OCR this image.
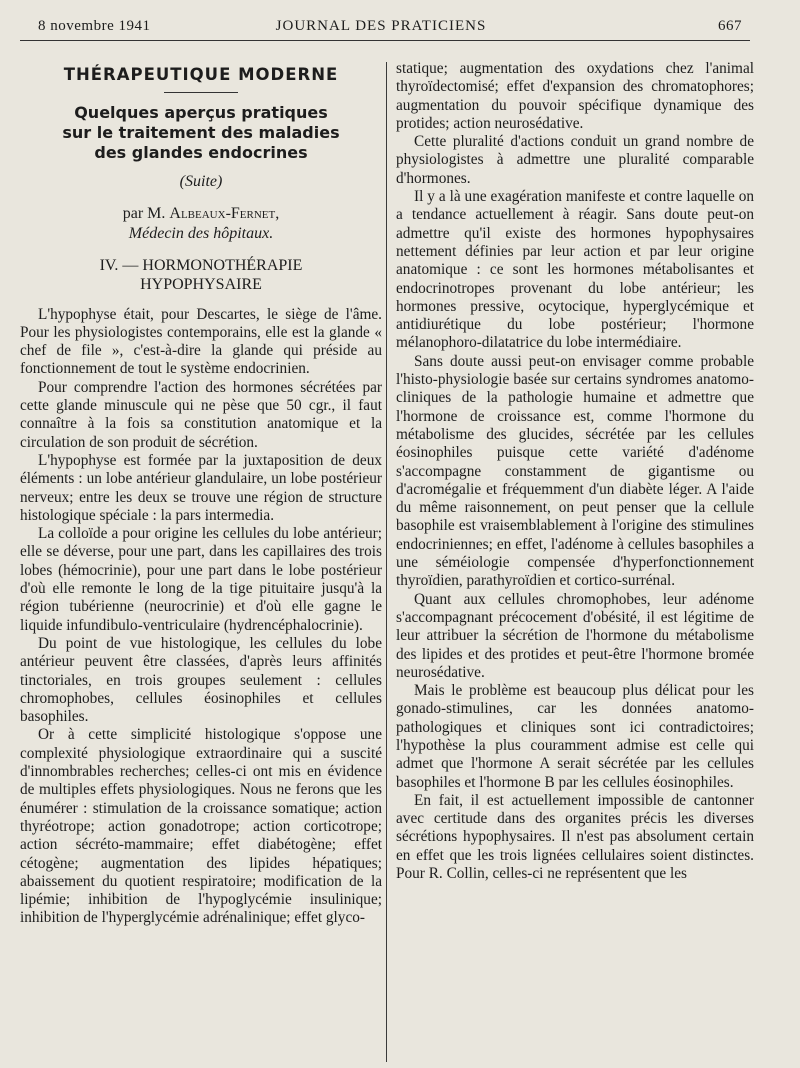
8 novembre 1941	JOURNAL DES PRATICIENS	667
THÉRAPEUTIQUE MODERNE
Quelques aperçus pratiques
sur le traitement des maladies
des glandes endocrines
(Suite)
par M. Albeaux-Fernet,
Médecin des hôpitaux.
IV. — HORMONOTHÉRAPIE
HYPOPHYSAIRE

L'hypophyse était, pour Descartes, le siège de l'âme. Pour les physiologistes contemporains, elle est la glande « chef de file », c'est-à-dire la glande qui préside au fonctionnement de tout le système endocrinien.

Pour comprendre l'action des hormones sécrétées par cette glande minuscule qui ne pèse que 50 cgr., il faut connaître à la fois sa constitution anatomique et la circulation de son produit de sécrétion.

L'hypophyse est formée par la juxtaposition de deux éléments : un lobe antérieur glandulaire, un lobe postérieur nerveux; entre les deux se trouve une région de structure histologique spéciale : la pars intermedia.

La colloïde a pour origine les cellules du lobe antérieur; elle se déverse, pour une part, dans les capillaires des trois lobes (hémocrinie), pour une part dans le lobe postérieur d'où elle remonte le long de la tige pituitaire jusqu'à la région tubérienne (neurocrinie) et d'où elle gagne le liquide infundibulo-ventriculaire (hydrencéphalocrinie).

Du point de vue histologique, les cellules du lobe antérieur peuvent être classées, d'après leurs affinités tinctoriales, en trois groupes seulement : cellules chromophobes, cellules éosinophiles et cellules basophiles.

Or à cette simplicité histologique s'oppose une complexité physiologique extraordinaire qui a suscité d'innombrables recherches; celles-ci ont mis en évidence de multiples effets physiologiques. Nous ne ferons que les énumérer : stimulation de la croissance somatique; action thyréotrope; action gonadotrope; action corticotrope; action sécréto-mammaire; effet diabétogène; effet cétogène; augmentation des lipides hépatiques; abaissement du quotient respiratoire; modification de la lipémie; inhibition de l'hypoglycémie insulinique; inhibition de l'hyperglycémie adrénalinique; effet glyco-

statique; augmentation des oxydations chez l'animal thyroïdectomisé; effet d'expansion des chromatophores; augmentation du pouvoir spécifique dynamique des protides; action neurosédative.

Cette pluralité d'actions conduit un grand nombre de physiologistes à admettre une pluralité comparable d'hormones.

Il y a là une exagération manifeste et contre laquelle on a tendance actuellement à réagir. Sans doute peut-on admettre qu'il existe des hormones hypophysaires nettement définies par leur action et par leur origine anatomique : ce sont les hormones métabolisantes et endocrinotropes provenant du lobe antérieur; les hormones pressive, ocytocique, hyperglycémique et antidiurétique du lobe postérieur; l'hormone mélanophoro-dilatatrice du lobe intermédiaire.

Sans doute aussi peut-on envisager comme probable l'histo-physiologie basée sur certains syndromes anatomo-cliniques de la pathologie humaine et admettre que l'hormone de croissance est, comme l'hormone du métabolisme des glucides, sécrétée par les cellules éosinophiles puisque cette variété d'adénome s'accompagne constamment de gigantisme ou d'acromégalie et fréquemment d'un diabète léger. A l'aide du même raisonnement, on peut penser que la cellule basophile est vraisemblablement à l'origine des stimulines endocriniennes; en effet, l'adénome à cellules basophiles a une séméiologie compensée d'hyperfonctionnement thyroïdien, parathyroïdien et cortico-surrénal.

Quant aux cellules chromophobes, leur adénome s'accompagnant précocement d'obésité, il est légitime de leur attribuer la sécrétion de l'hormone du métabolisme des lipides et des protides et peut-être l'hormone bromée neurosédative.

Mais le problème est beaucoup plus délicat pour les gonado-stimulines, car les données anatomo-pathologiques et cliniques sont ici contradictoires; l'hypothèse la plus couramment admise est celle qui admet que l'hormone A serait sécrétée par les cellules basophiles et l'hormone B par les cellules éosinophiles.

En fait, il est actuellement impossible de cantonner avec certitude dans des organites précis les diverses sécrétions hypophysaires. Il n'est pas absolument certain en effet que les trois lignées cellulaires soient distinctes. Pour R. Collin, celles-ci ne représentent que les
